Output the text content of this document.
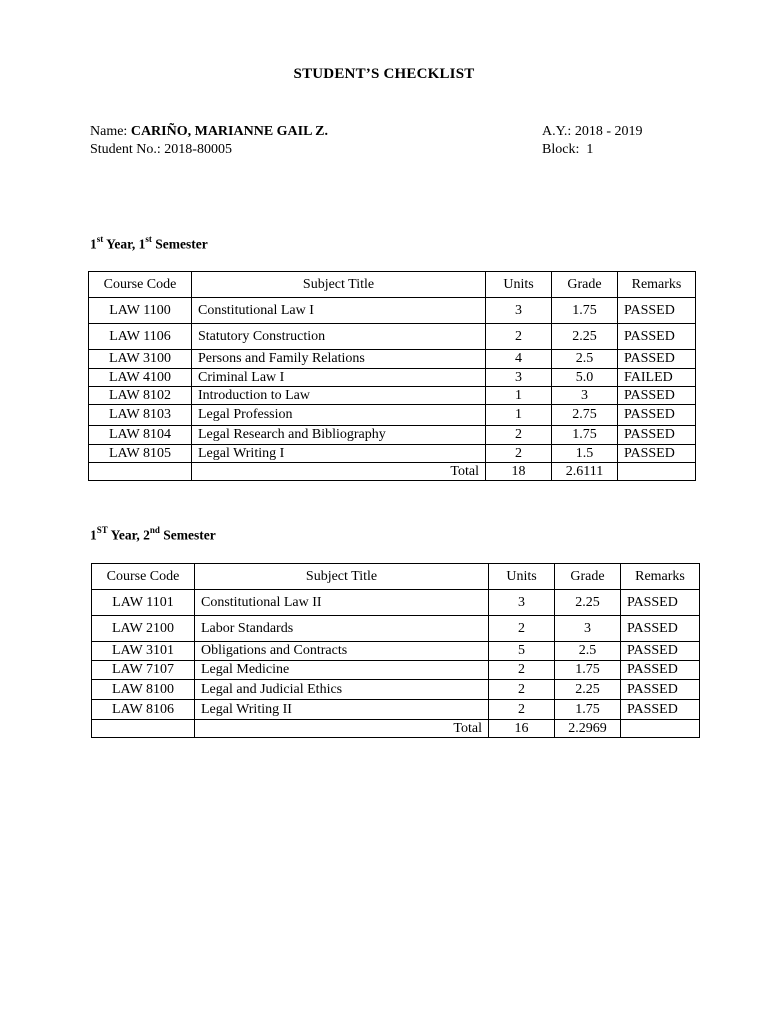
STUDENT’S CHECKLIST
Name: CARIÑO, MARIANNE GAIL Z.
Student No.: 2018-80005
A.Y.: 2018 - 2019
Block: 1
1st Year, 1st Semester
Course Code	Subject Title	Units	Grade	Remarks
LAW 1100	Constitutional Law I	3	1.75	PASSED
LAW 1106	Statutory Construction	2	2.25	PASSED
LAW 3100	Persons and Family Relations	4	2.5	PASSED
LAW 4100	Criminal Law I	3	5.0	FAILED
LAW 8102	Introduction to Law	1	3	PASSED
LAW 8103	Legal Profession	1	2.75	PASSED
LAW 8104	Legal Research and Bibliography	2	1.75	PASSED
LAW 8105	Legal Writing I	2	1.5	PASSED
	Total	18	2.6111	
1ST Year, 2nd Semester
Course Code	Subject Title	Units	Grade	Remarks
LAW 1101	Constitutional Law II	3	2.25	PASSED
LAW 2100	Labor Standards	2	3	PASSED
LAW 3101	Obligations and Contracts	5	2.5	PASSED
LAW 7107	Legal Medicine	2	1.75	PASSED
LAW 8100	Legal and Judicial Ethics	2	2.25	PASSED
LAW 8106	Legal Writing II	2	1.75	PASSED
	Total	16	2.2969	
